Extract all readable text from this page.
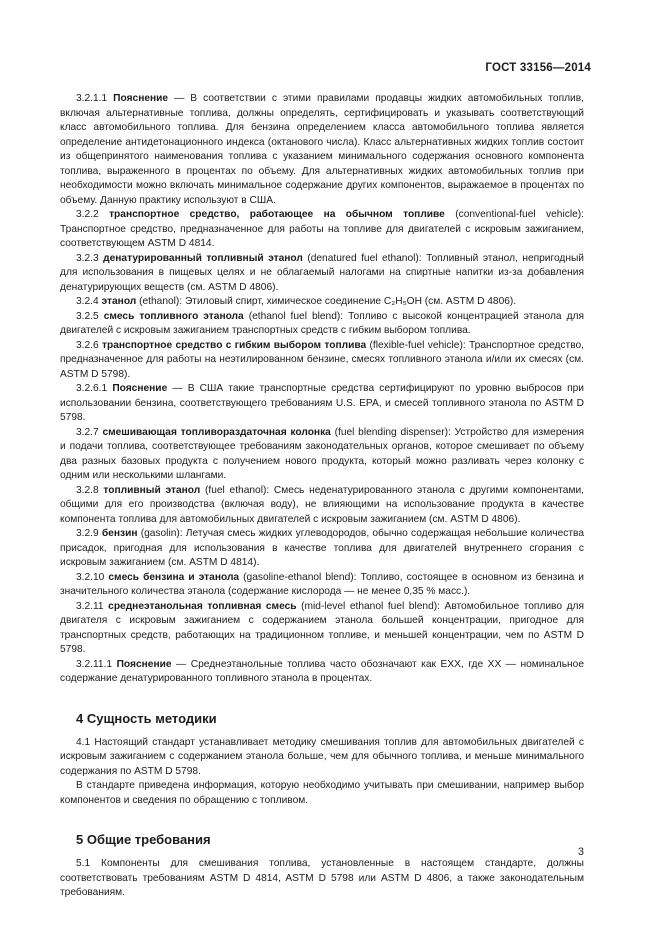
ГОСТ 33156—2014

3.2.1.1 Пояснение — В соответствии с этими правилами продавцы жидких автомобильных топлив, включая альтернативные топлива, должны определять, сертифицировать и указывать соответствующий класс автомобильного топлива. Для бензина определением класса автомобильного топлива является определение антидетонационного индекса (октанового числа). Класс альтернативных жидких топлив состоит из общепринятого наименования топлива с указанием минимального содержания основного компонента топлива, выраженного в процентах по объему. Для альтернативных жидких автомобильных топлив при необходимости можно включать минимальное содержание других компонентов, выражаемое в процентах по объему. Данную практику используют в США.

3.2.2 транспортное средство, работающее на обычном топливе (conventional-fuel vehicle): Транспортное средство, предназначенное для работы на топливе для двигателей с искровым зажиганием, соответствующем ASTM D 4814.

3.2.3 денатурированный топливный этанол (denatured fuel ethanol): Топливный этанол, непригодный для использования в пищевых целях и не облагаемый налогами на спиртные напитки из-за добавления денатурирующих веществ (см. ASTM D 4806).

3.2.4 этанол (ethanol): Этиловый спирт, химическое соединение C₂H₅OH (см. ASTM D 4806).

3.2.5 смесь топливного этанола (ethanol fuel blend): Топливо с высокой концентрацией этанола для двигателей с искровым зажиганием транспортных средств с гибким выбором топлива.

3.2.6 транспортное средство с гибким выбором топлива (flexible-fuel vehicle): Транспортное средство, предназначенное для работы на неэтилированном бензине, смесях топливного этанола и/или их смесях (см. ASTM D 5798).

3.2.6.1 Пояснение — В США такие транспортные средства сертифицируют по уровню выбросов при использовании бензина, соответствующего требованиям U.S. EPA, и смесей топливного этанола по ASTM D 5798.

3.2.7 смешивающая топливораздаточная колонка (fuel blending dispenser): Устройство для измерения и подачи топлива, соответствующее требованиям законодательных органов, которое смешивает по объему два разных базовых продукта с получением нового продукта, который можно разливать через колонку с одним или несколькими шлангами.

3.2.8 топливный этанол (fuel ethanol): Смесь неденатурированного этанола с другими компонентами, общими для его производства (включая воду), не влияющими на использование продукта в качестве компонента топлива для автомобильных двигателей с искровым зажиганием (см. ASTM D 4806).

3.2.9 бензин (gasolin): Летучая смесь жидких углеводородов, обычно содержащая небольшие количества присадок, пригодная для использования в качестве топлива для двигателей внутреннего сгорания с искровым зажиганием (см. ASTM D 4814).

3.2.10 смесь бензина и этанола (gasoline-ethanol blend): Топливо, состоящее в основном из бензина и значительного количества этанола (содержание кислорода — не менее 0,35 % масс.).

3.2.11 среднеэтанольная топливная смесь (mid-level ethanol fuel blend): Автомобильное топливо для двигателя с искровым зажиганием с содержанием этанола большей концентрации, пригодное для транспортных средств, работающих на традиционном топливе, и меньшей концентрации, чем по ASTM D 5798.

3.2.11.1 Пояснение — Среднеэтанольные топлива часто обозначают как ЕХХ, где ХХ — номинальное содержание денатурированного топливного этанола в процентах.

4 Сущность методики

4.1 Настоящий стандарт устанавливает методику смешивания топлив для автомобильных двигателей с искровым зажиганием с содержанием этанола больше, чем для обычного топлива, и меньше минимального содержания по ASTM D 5798.

В стандарте приведена информация, которую необходимо учитывать при смешивании, например выбор компонентов и сведения по обращению с топливом.

5 Общие требования

5.1 Компоненты для смешивания топлива, установленные в настоящем стандарте, должны соответствовать требованиям ASTM D 4814, ASTM D 5798 или ASTM D 4806, а также законодательным требованиям.

3
